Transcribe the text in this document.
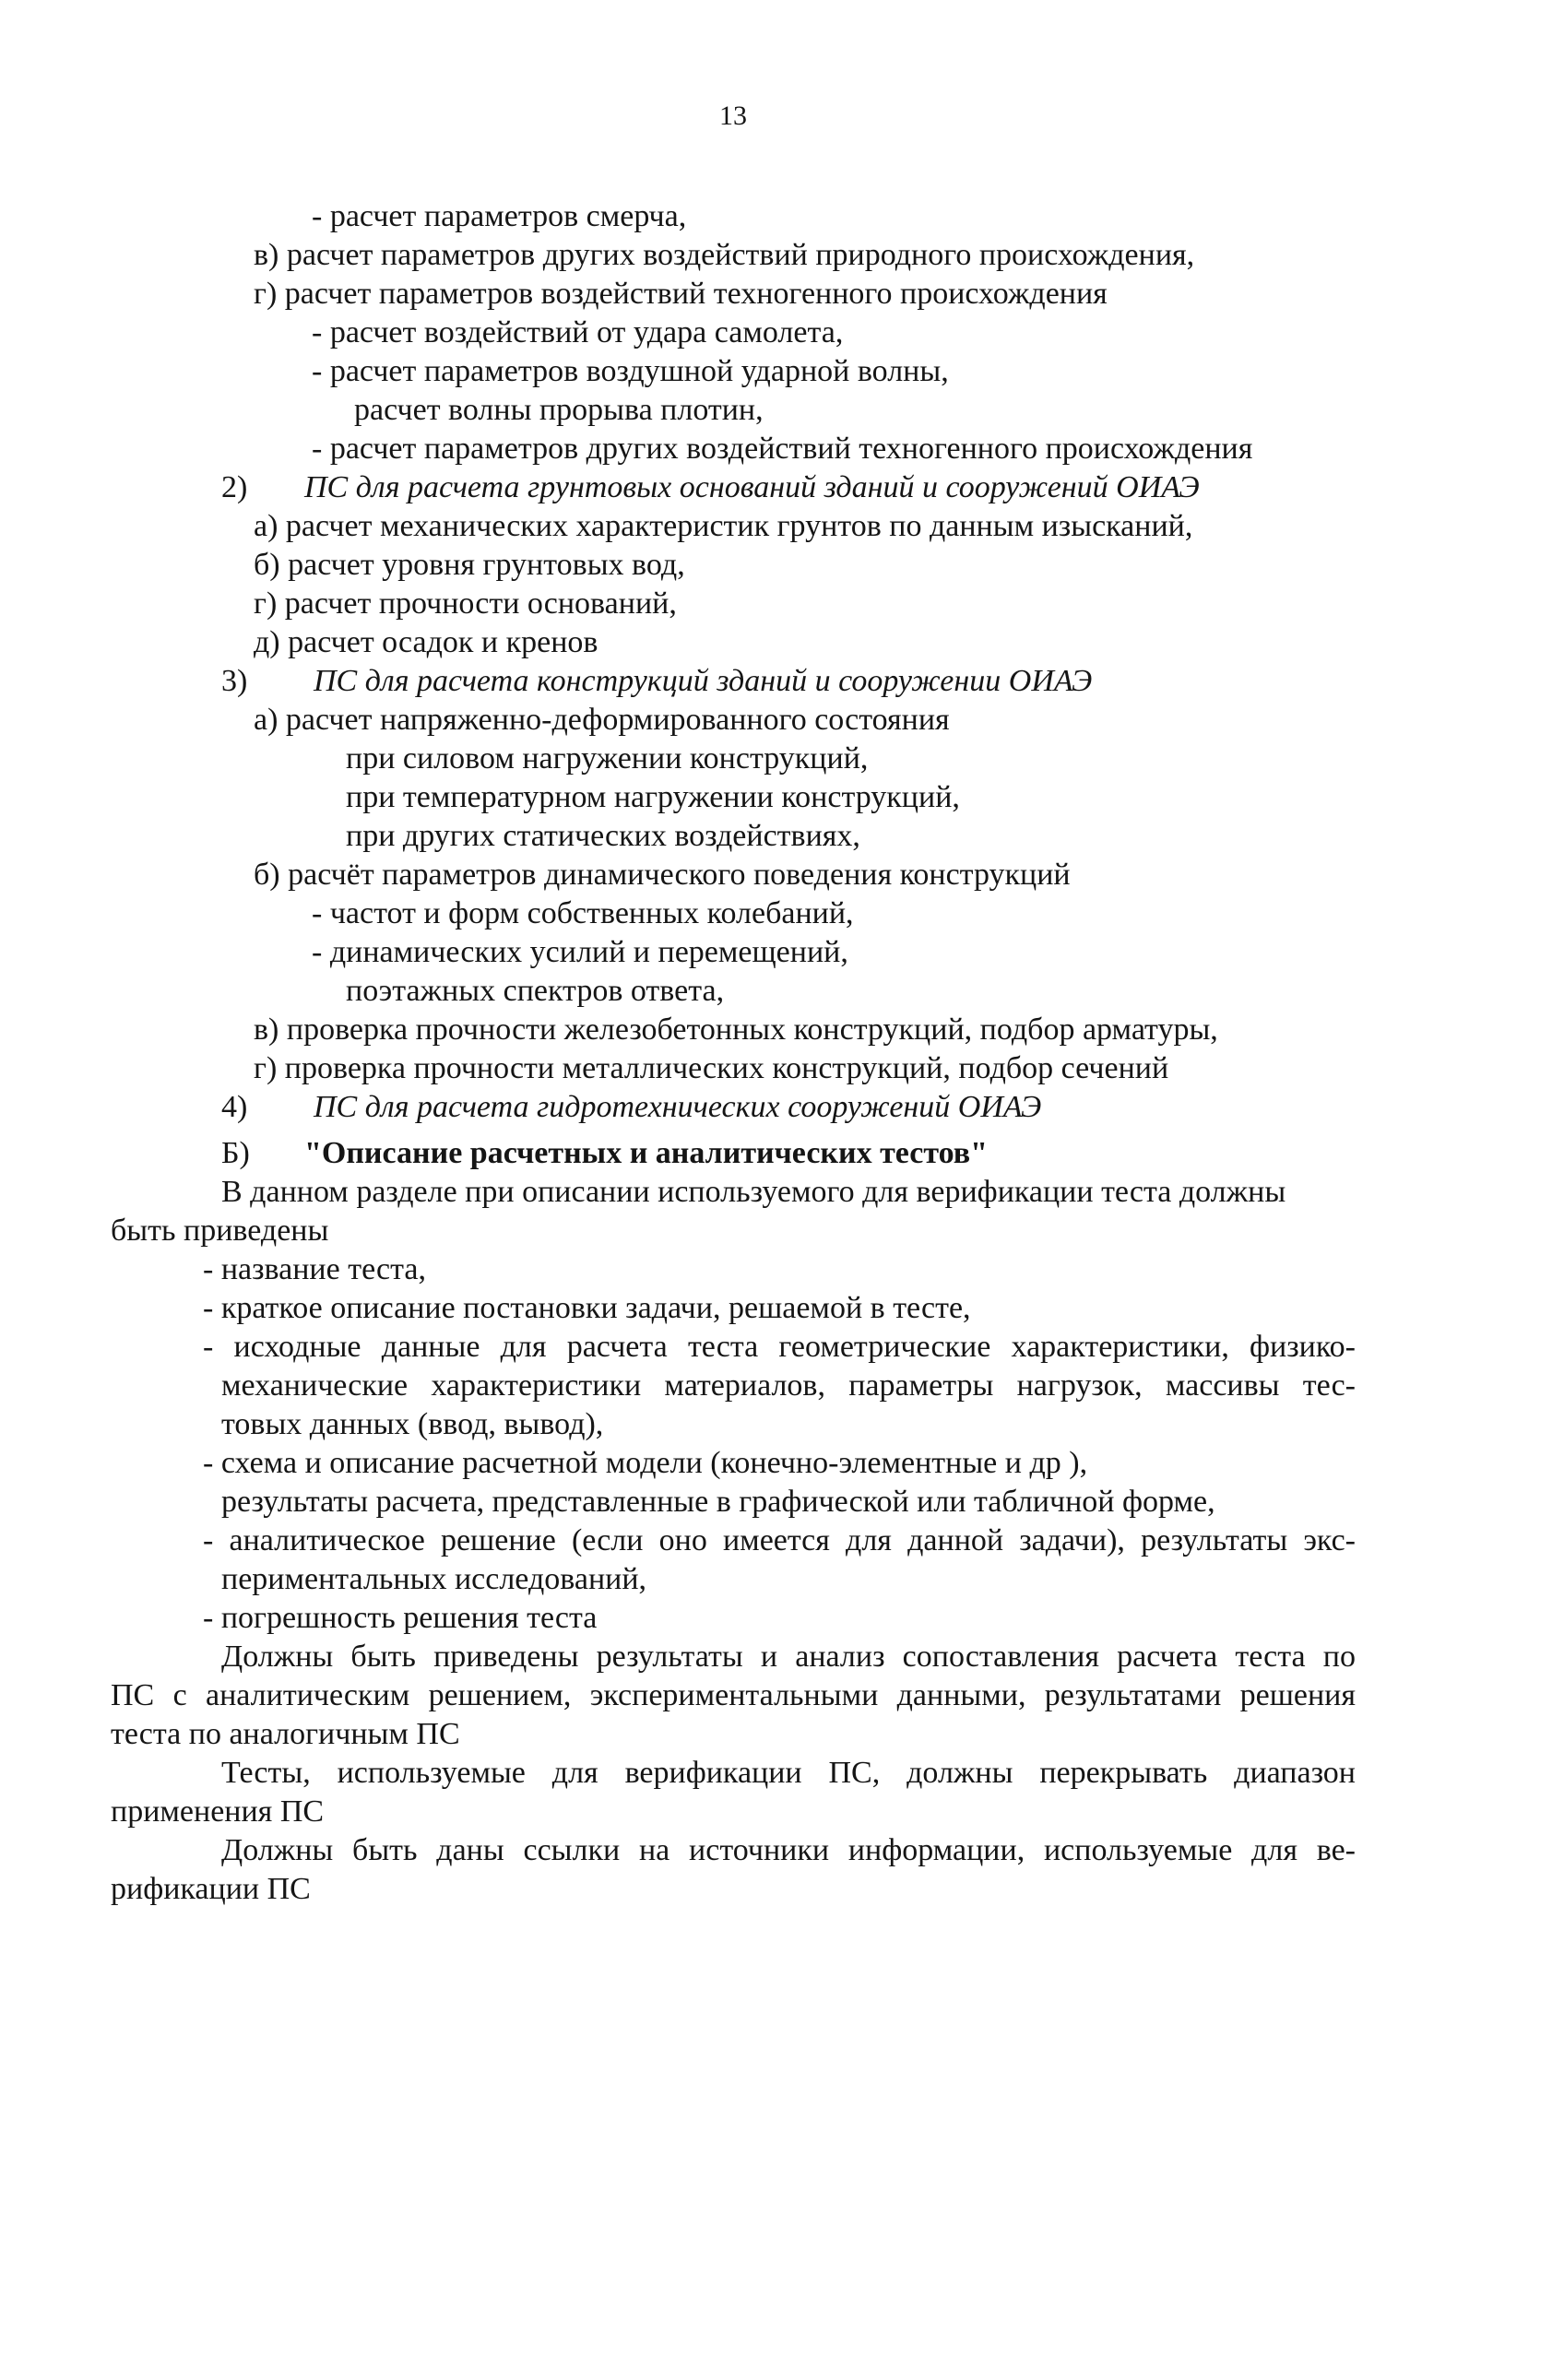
13
- расчет параметров смерча,
в) расчет параметров других воздействий природного происхождения,
г) расчет параметров воздействий техногенного происхождения
- расчет воздействий от удара самолета,
- расчет параметров воздушной ударной волны,
расчет волны прорыва плотин,
- расчет параметров других воздействий техногенного происхождения
2) ПС для расчета грунтовых оснований зданий и сооружений ОИАЭ
а) расчет механических характеристик грунтов по данным изысканий,
б) расчет уровня грунтовых вод,
г) расчет прочности оснований,
д) расчет осадок и кренов
3) ПС для расчета конструкций зданий и сооружении ОИАЭ
а) расчет напряженно-деформированного состояния
при силовом нагружении конструкций,
при температурном нагружении конструкций,
при других статических воздействиях,
б) расчёт параметров динамического поведения конструкций
- частот и форм собственных колебаний,
- динамических усилий и перемещений,
поэтажных спектров ответа,
в) проверка прочности железобетонных конструкций, подбор арматуры,
г) проверка прочности металлических конструкций, подбор сечений
4) ПС для расчета гидротехнических сооружений ОИАЭ
Б) "Описание расчетных и аналитических тестов"
В данном разделе при описании используемого для верификации теста должны
быть приведены
- название теста,
- краткое описание постановки задачи, решаемой в тесте,
- исходные данные для расчета теста геометрические характеристики, физико-
механические характеристики материалов, параметры нагрузок, массивы тес-
товых данных (ввод, вывод),
- схема и описание расчетной модели (конечно-элементные и др ),
результаты расчета, представленные в графической или табличной форме,
- аналитическое решение (если оно имеется для данной задачи), результаты экс-
периментальных исследований,
- погрешность решения теста
Должны быть приведены результаты и анализ сопоставления расчета теста по
ПС с аналитическим решением, экспериментальными данными, результатами решения
теста по аналогичным ПС
Тесты, используемые для верификации ПС, должны перекрывать диапазон
применения ПС
Должны быть даны ссылки на источники информации, используемые для ве-
рификации ПС
